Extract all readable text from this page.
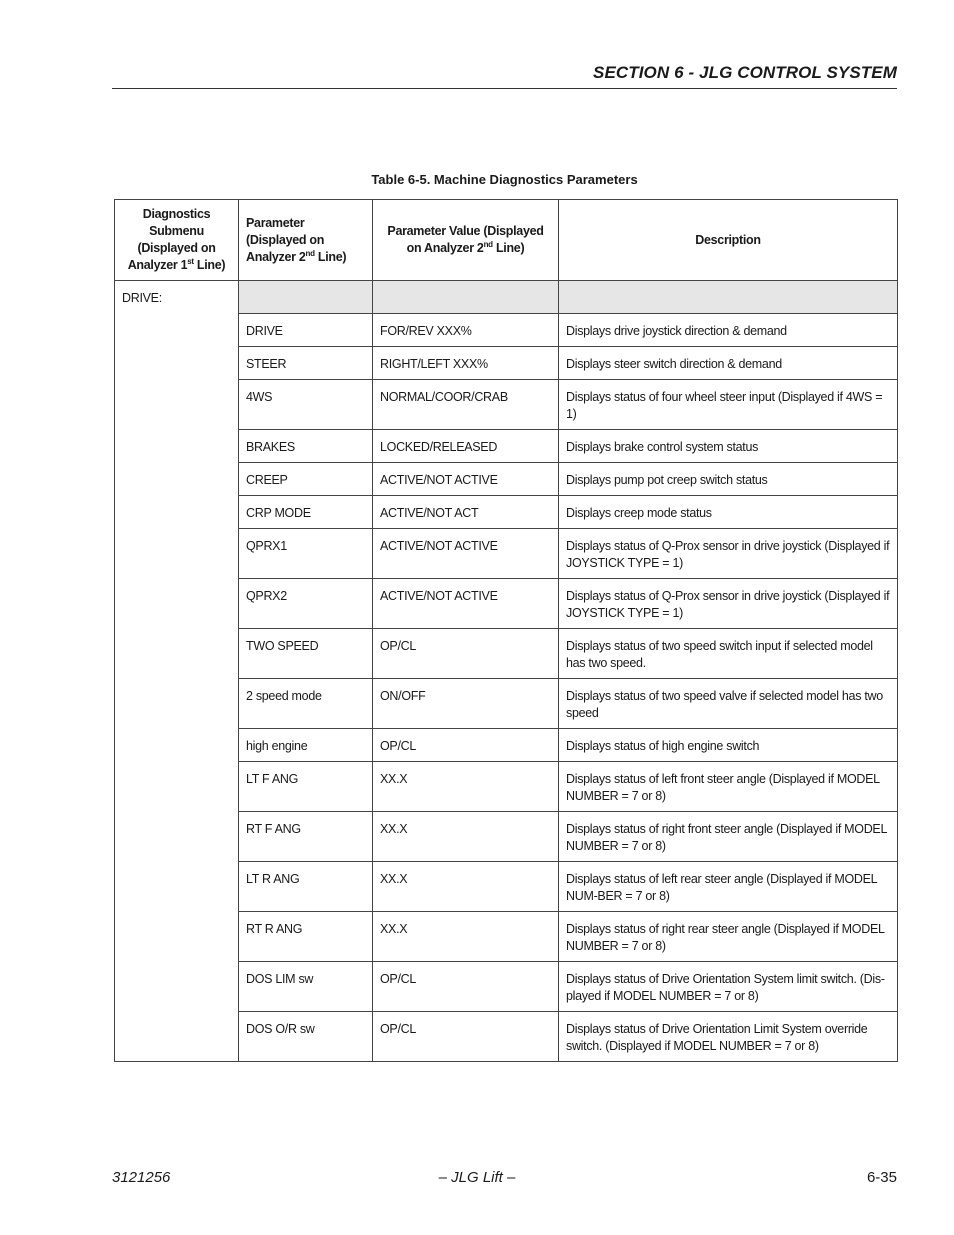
SECTION 6 - JLG CONTROL SYSTEM
Table 6-5. Machine Diagnostics Parameters
Diagnostics Submenu (Displayed on Analyzer 1st Line)	Parameter (Displayed on Analyzer 2nd Line)	Parameter Value (Displayed on Analyzer 2nd Line)	Description
DRIVE:			
	DRIVE	FOR/REV XXX%	Displays drive joystick direction & demand
	STEER	RIGHT/LEFT XXX%	Displays steer switch direction & demand
	4WS	NORMAL/COOR/CRAB	Displays status of four wheel steer input (Displayed if 4WS = 1)
	BRAKES	LOCKED/RELEASED	Displays brake control system status
	CREEP	ACTIVE/NOT ACTIVE	Displays pump pot creep switch status
	CRP MODE	ACTIVE/NOT ACT	Displays creep mode status
	QPRX1	ACTIVE/NOT ACTIVE	Displays status of Q-Prox sensor in drive joystick (Displayed if JOYSTICK TYPE = 1)
	QPRX2	ACTIVE/NOT ACTIVE	Displays status of Q-Prox sensor in drive joystick (Displayed if JOYSTICK TYPE = 1)
	TWO SPEED	OP/CL	Displays status of two speed switch input if selected model has two speed.
	2 speed mode	ON/OFF	Displays status of two speed valve if selected model has two speed
	high engine	OP/CL	Displays status of high engine switch
	LT F ANG	XX.X	Displays status of left front steer angle (Displayed if MODEL NUMBER = 7 or 8)
	RT F ANG	XX.X	Displays status of right front steer angle (Displayed if MODEL NUMBER = 7 or 8)
	LT R ANG	XX.X	Displays status of left rear steer angle (Displayed if MODEL NUM-BER = 7 or 8)
	RT R ANG	XX.X	Displays status of right rear steer angle (Displayed if MODEL NUMBER = 7 or 8)
	DOS LIM sw	OP/CL	Displays status of Drive Orientation System limit switch. (Dis-played if MODEL NUMBER = 7 or 8)
	DOS O/R sw	OP/CL	Displays status of Drive Orientation Limit System override switch. (Displayed if MODEL NUMBER = 7 or 8)
3121256	– JLG Lift –	6-35
